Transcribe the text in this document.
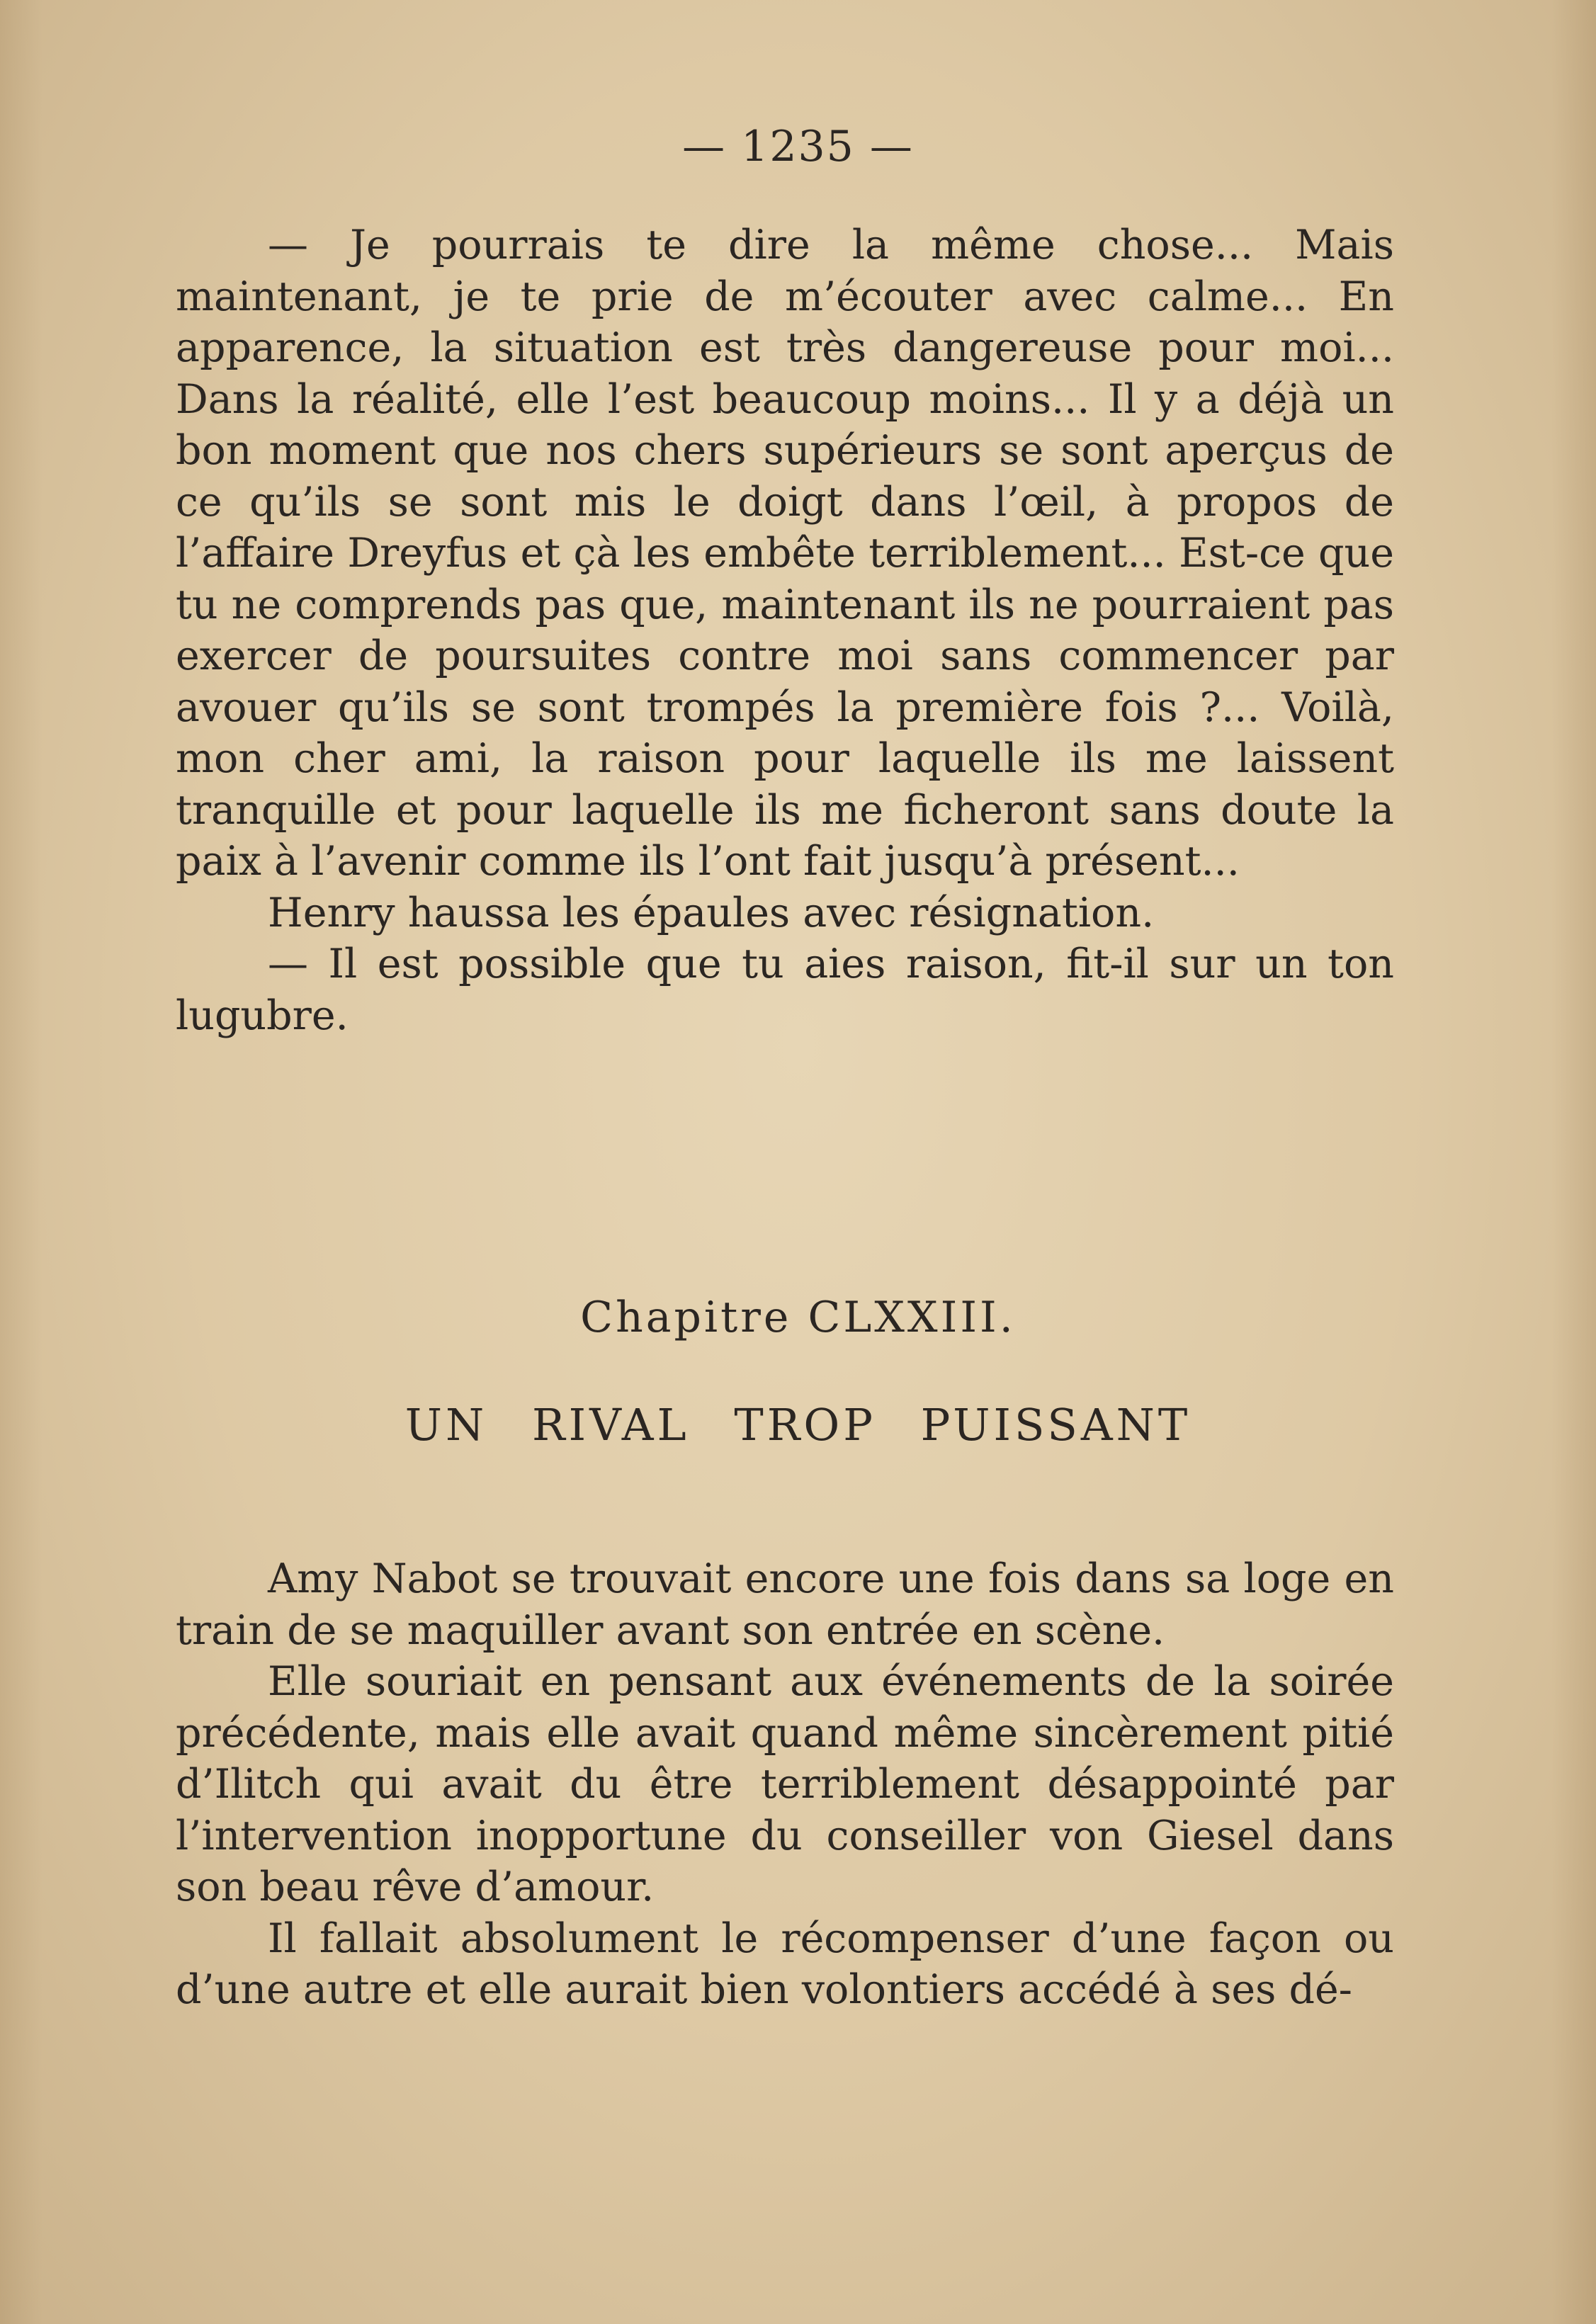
— 1235 —

— Je pourrais te dire la même chose... Mais maintenant, je te prie de m’écouter avec calme... En apparence, la situation est très dangereuse pour moi... Dans la réalité, elle l’est beaucoup moins... Il y a déjà un bon moment que nos chers supérieurs se sont aperçus de ce qu’ils se sont mis le doigt dans l’œil, à propos de l’affaire Dreyfus et çà les embête terriblement... Est-ce que tu ne comprends pas que, maintenant ils ne pourraient pas exercer de poursuites contre moi sans commencer par avouer qu’ils se sont trompés la première fois ?... Voilà, mon cher ami, la raison pour laquelle ils me laissent tranquille et pour laquelle ils me ficheront sans doute la paix à l’avenir comme ils l’ont fait jusqu’à présent...

Henry haussa les épaules avec résignation.

— Il est possible que tu aies raison, fit-il sur un ton lugubre.

Chapitre CLXXIII.
UN RIVAL TROP PUISSANT

Amy Nabot se trouvait encore une fois dans sa loge en train de se maquiller avant son entrée en scène.

Elle souriait en pensant aux événements de la soirée précédente, mais elle avait quand même sincèrement pitié d’Ilitch qui avait du être terriblement désappointé par l’intervention inopportune du conseiller von Giesel dans son beau rêve d’amour.

Il fallait absolument le récompenser d’une façon ou d’une autre et elle aurait bien volontiers accédé à ses dé-
